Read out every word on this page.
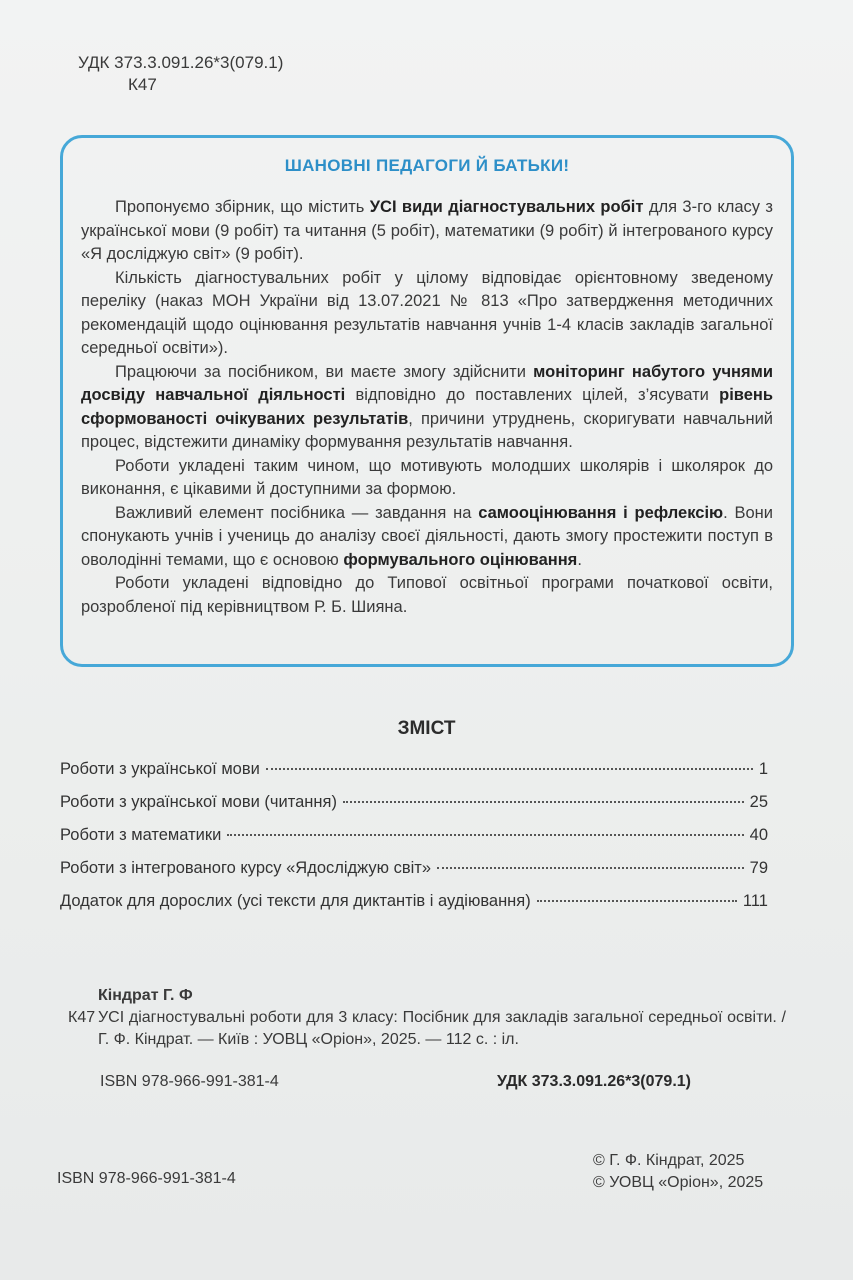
УДК 373.3.091.26*3(079.1)
К47
ШАНОВНІ ПЕДАГОГИ Й БАТЬКИ!

Пропонуємо збірник, що містить УСІ види діагностувальних робіт для 3-го класу з української мови (9 робіт) та читання (5 робіт), математики (9 робіт) й інтегрованого курсу «Я досліджую світ» (9 робіт).

Кількість діагностувальних робіт у цілому відповідає орієнтовному зведеному переліку (наказ МОН України від 13.07.2021 № 813 «Про затвердження методичних рекомендацій щодо оцінювання результатів навчання учнів 1-4 класів закладів загальної середньої освіти»).

Працюючи за посібником, ви маєте змогу здійснити моніторинг набутого учнями досвіду навчальної діяльності відповідно до поставлених цілей, з’ясувати рівень сформованості очікуваних результатів, причини утруднень, скоригувати навчальний процес, відстежити динаміку формування результатів навчання.

Роботи укладені таким чином, що мотивують молодших школярів і школярок до виконання, є цікавими й доступними за формою.

Важливий елемент посібника — завдання на самооцінювання і рефлексію. Вони спонукають учнів і учениць до аналізу своєї діяльності, дають змогу простежити поступ в оволодінні темами, що є основою формувального оцінювання.

Роботи укладені відповідно до Типової освітньої програми початкової освіти, розробленої під керівництвом Р. Б. Шияна.

ЗМІСТ
Роботи з української мови	1
Роботи з української мови (читання)	25
Роботи з математики	40
Роботи з інтегрованого курсу «Ядосліджую світ»	79
Додаток для дорослих (усі тексти для диктантів і аудіювання)	111
Кіндрат Г. Ф
К47 УСІ діагностувальні роботи для 3 класу: Посібник для закладів загальної середньої освіти. / Г. Ф. Кіндрат. — Київ : УОВЦ «Оріон», 2025. — 112 с. : іл.
ISBN 978-966-991-381-4	УДК 373.3.091.26*3(079.1)
ISBN 978-966-991-381-4
© Г. Ф. Кіндрат, 2025
© УОВЦ «Оріон», 2025
